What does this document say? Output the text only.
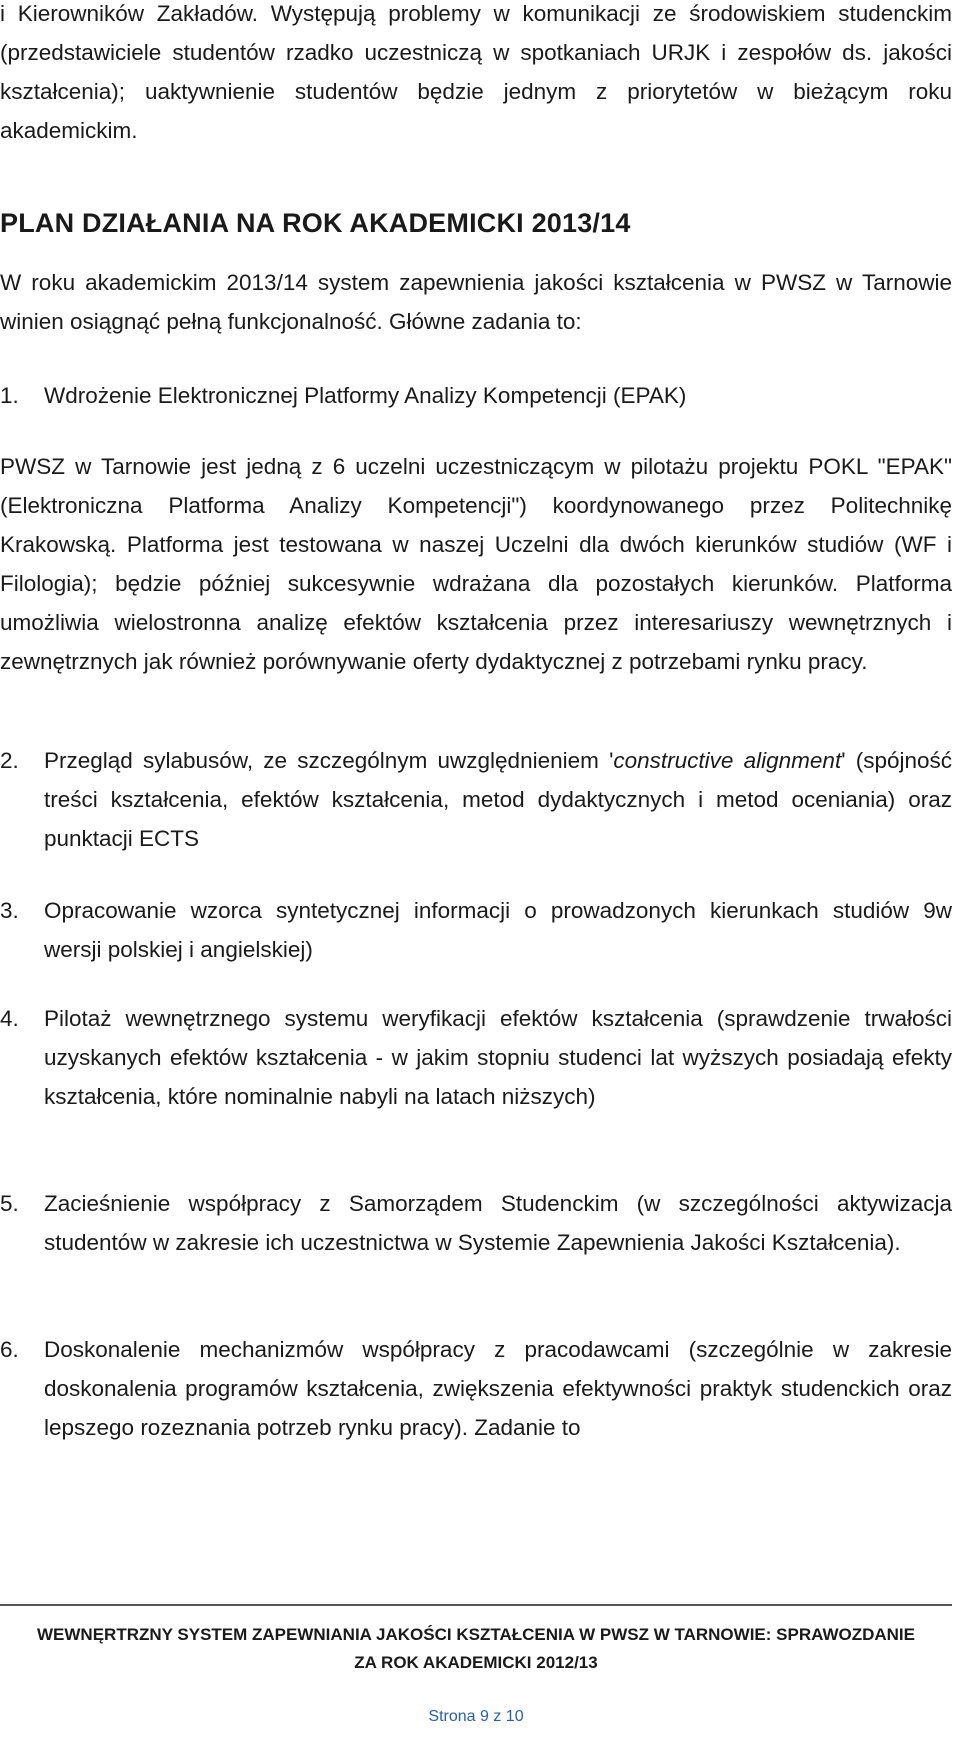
i Kierowników Zakładów. Występują problemy w komunikacji ze środowiskiem studenckim (przedstawiciele studentów rzadko uczestniczą w spotkaniach URJK i zespołów ds. jakości kształcenia); uaktywnienie studentów będzie jednym z priorytetów w bieżącym roku akademickim.

PLAN DZIAŁANIA NA ROK AKADEMICKI 2013/14

W roku akademickim 2013/14 system zapewnienia jakości kształcenia w PWSZ w Tarnowie winien osiągnąć pełną funkcjonalność. Główne zadania to:

1. Wdrożenie Elektronicznej Platformy Analizy Kompetencji (EPAK)

PWSZ w Tarnowie jest jedną z 6 uczelni uczestniczącym w pilotażu projektu POKL "EPAK" (Elektroniczna Platforma Analizy Kompetencji") koordynowanego przez Politechnikę Krakowską. Platforma jest testowana w naszej Uczelni dla dwóch kierunków studiów (WF i Filologia); będzie później sukcesywnie wdrażana dla pozostałych kierunków. Platforma umożliwia wielostronna analizę efektów kształcenia przez interesariuszy wewnętrznych i zewnętrznych jak również porównywanie oferty dydaktycznej z potrzebami rynku pracy.

2. Przegląd sylabusów, ze szczególnym uwzględnieniem 'constructive alignment' (spójność treści kształcenia, efektów kształcenia, metod dydaktycznych i metod oceniania) oraz punktacji ECTS
3. Opracowanie wzorca syntetycznej informacji o prowadzonych kierunkach studiów 9w wersji polskiej i angielskiej)
4. Pilotaż wewnętrznego systemu weryfikacji efektów kształcenia (sprawdzenie trwałości uzyskanych efektów kształcenia - w jakim stopniu studenci lat wyższych posiadają efekty kształcenia, które nominalnie nabyli na latach niższych)
5. Zacieśnienie współpracy z Samorządem Studenckim (w szczególności aktywizacja studentów w zakresie ich uczestnictwa w Systemie Zapewnienia Jakości Kształcenia).
6. Doskonalenie mechanizmów współpracy z pracodawcami (szczególnie w zakresie doskonalenia programów kształcenia, zwiększenia efektywności praktyk studenckich oraz lepszego rozeznania potrzeb rynku pracy). Zadanie to
WEWNĘRTRZNY SYSTEM ZAPEWNIANIA JAKOŚCI KSZTAŁCENIA W PWSZ W TARNOWIE: SPRAWOZDANIE
ZA ROK AKADEMICKI 2012/13
Strona 9 z 10
